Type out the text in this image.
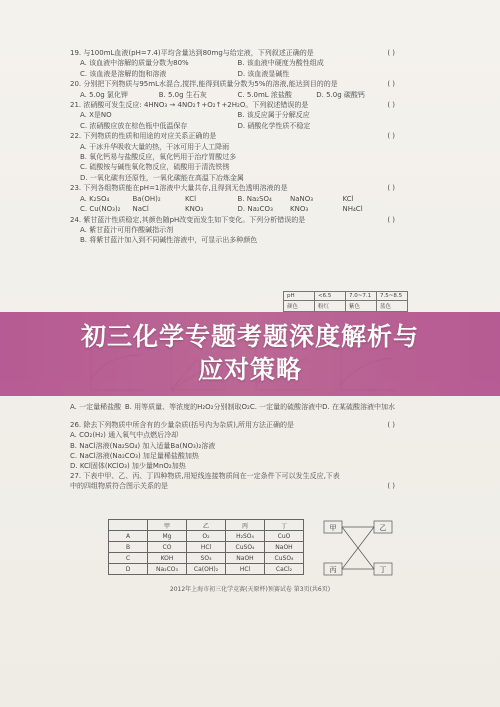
19. 与100mL血液(pH=7.4)平均含量达到80mg与给定液，下列叙述正确的是	( )

A. 该血液中溶解的质量分数为80%	B. 该血液中硬度为酸性组成
C. 该血液是溶解的饱和溶液	D. 该血液显碱性

20. 分别把下列物质与95mL水混合,搅拌,能得到质量分数为5%的溶液,能达到目的的是	( )

A. 5.0g 氯化钾	B. 5.0g 生石灰	C. 5.0mL 浓盐酸	D. 5.0g 碳酸钙

21. 浓硝酸可发生反应: 4HNO₃ → 4NO₂↑+O₂↑+2H₂O。下列叙述错误的是	( )

A. X是NO	B. 该反应属于分解反应
C. 浓硝酸应放在棕色瓶中低温保存	D. 硝酸化学性质不稳定

22. 下列物质的性质和用途的对应关系正确的是	( )

A. 干冰升华吸收大量的热，干冰可用于人工降雨
B. 氧化钙易与盐酸反应，氧化钙用于治疗胃酸过多
C. 硫酸铵与碱性氧化物反应，硫酸用于清洗铁锈
D. 一氧化碳有还原性，一氧化碳能在高温下冶炼金属

23. 下列各组物质能在pH=1溶液中大量共存,且得到无色透明溶液的是	( )

A. K₂SO₄	Ba(OH)₂	KCl	B. Na₂SO₄	NaNO₃	KCl
C. Cu(NO₃)₂	NaCl	KNO₃	D. Na₂CO₃	KNO₃	NH₄Cl

24. 紫甘蓝汁性质稳定,其颜色随pH改变而发生如下变化。下列分析错误的是	( )

A. 紫甘蓝汁可用作酸碱指示剂
B. 将紫甘蓝汁加入到不同碱性溶液中，可显示出多种颜色
pH	<6.5	7.0~7.1	7.5~8.5
颜色	粉红	紫色	蓝色

A. 一定量稀盐酸 B. 用等质量、等浓度的H₂O₂分别制取O₂ C. 一定量的硫酸溶液中 D. 在某硫酸溶液中加水

26. 除去下列物质中所含有的少量杂质(括号内为杂质),所用方法正确的是	( )

A. CO₂(H₂) 通入氧气中点燃后冷却

B. NaCl溶液(Na₂SO₄) 加入适量Ba(NO₃)₂溶液

C. NaCl溶液(Na₂CO₃) 加足量稀盐酸加热

D. KCl固体(KClO₃) 加少量MnO₂加热

27. 下表中甲、乙、丙、丁四种物质,用短线连接物质间在一定条件下可以发生反应,下表

中的四组物质符合图示关系的是	( )

	甲	乙	丙	丁
A	Mg	O₂	H₂SO₄	CuO
B	CO	HCl	CuSO₄	NaOH
C	KOH	SO₃	NaOH	CuSO₄
D	Na₂CO₃	Ca(OH)₂	HCl	CaCl₂
甲	乙
丙	丁
2012年上海市初三化学竞赛(天原杯)预赛试卷 第3页(共6页)
初三化学专题考题深度解析与
应对策略
